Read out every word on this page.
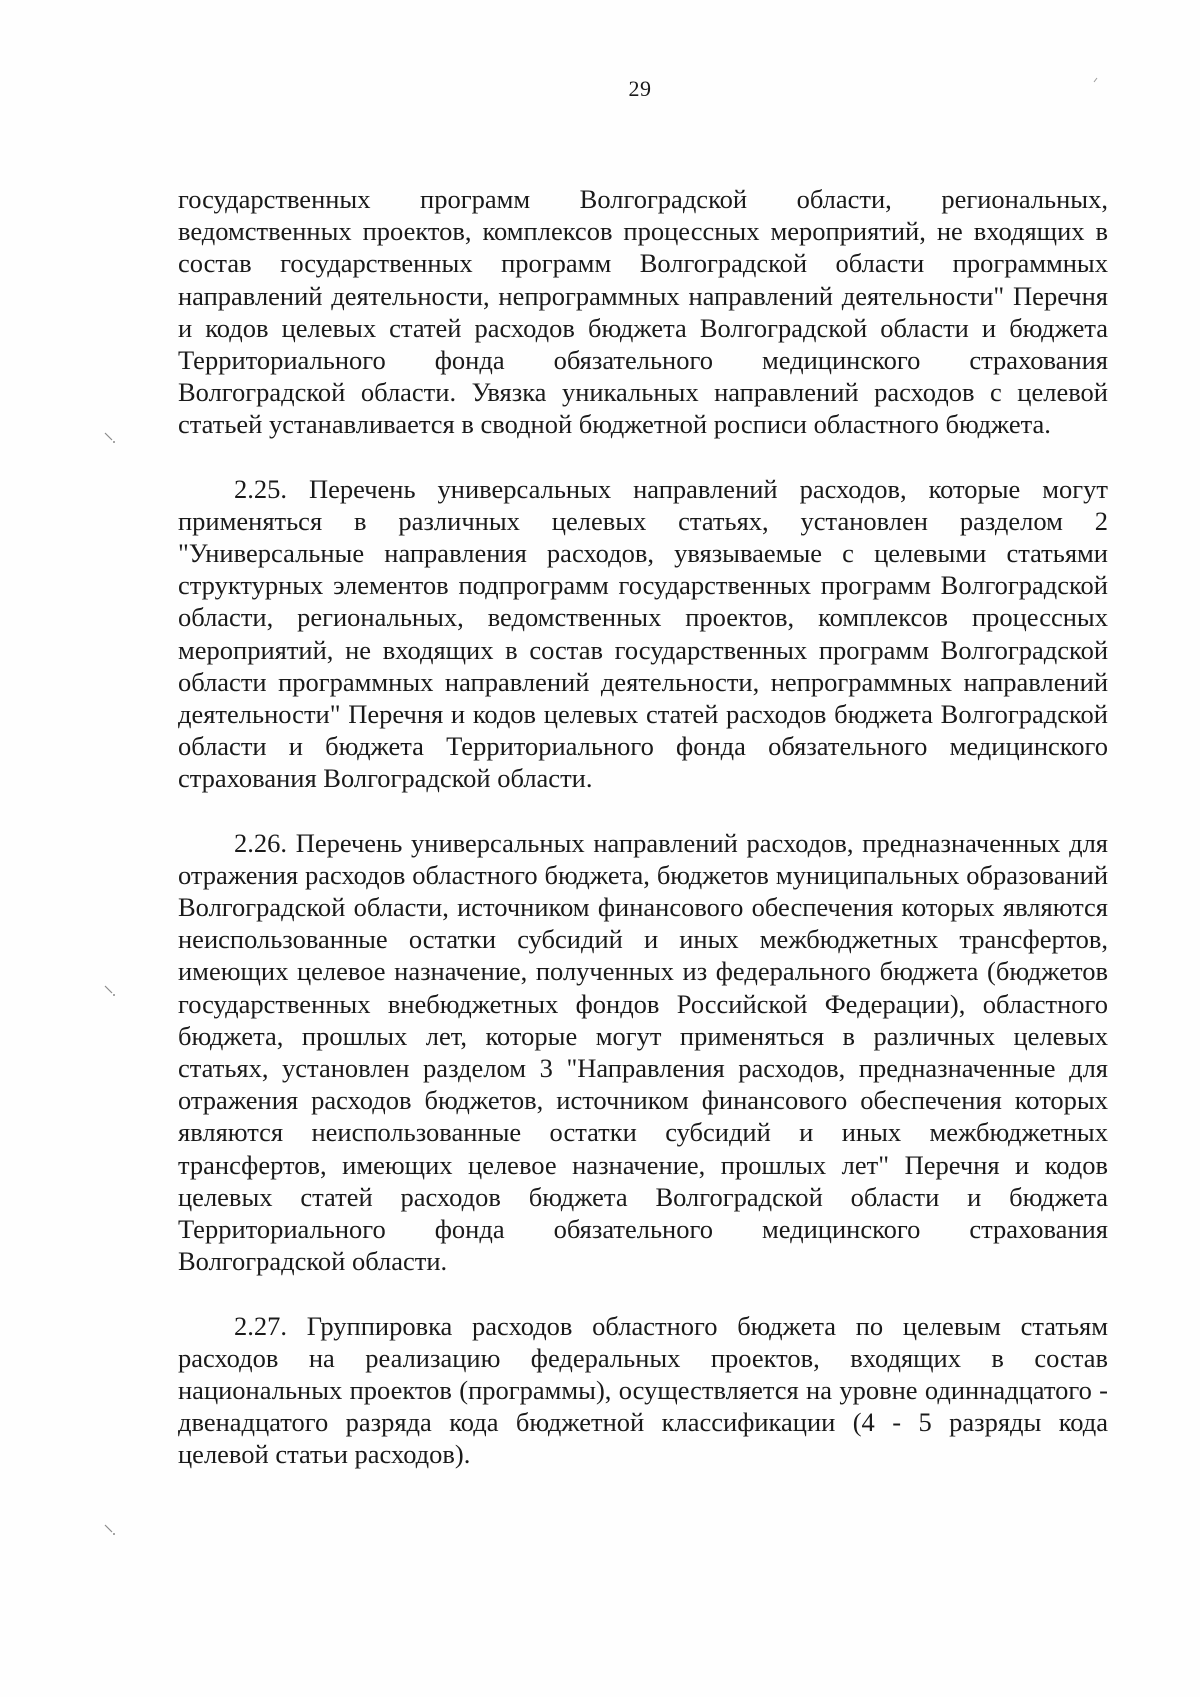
29

государственных программ Волгоградской области, региональных, ведомственных проектов, комплексов процессных мероприятий, не входящих в состав государственных программ Волгоградской области программных направлений деятельности, непрограммных направлений деятельности" Перечня и кодов целевых статей расходов бюджета Волгоградской области и бюджета Территориального фонда обязательного медицинского страхования Волгоградской области. Увязка уникальных направлений расходов с целевой статьей устанавливается в сводной бюджетной росписи областного бюджета.

2.25. Перечень универсальных направлений расходов, которые могут применяться в различных целевых статьях, установлен разделом 2 "Универсальные направления расходов, увязываемые с целевыми статьями структурных элементов подпрограмм государственных программ Волгоградской области, региональных, ведомственных проектов, комплексов процессных мероприятий, не входящих в состав государственных программ Волгоградской области программных направлений деятельности, непрограммных направлений деятельности" Перечня и кодов целевых статей расходов бюджета Волгоградской области и бюджета Территориального фонда обязательного медицинского страхования Волгоградской области.

2.26. Перечень универсальных направлений расходов, предназначенных для отражения расходов областного бюджета, бюджетов муниципальных образований Волгоградской области, источником финансового обеспечения которых являются неиспользованные остатки субсидий и иных межбюджетных трансфертов, имеющих целевое назначение, полученных из федерального бюджета (бюджетов государственных внебюджетных фондов Российской Федерации), областного бюджета, прошлых лет, которые могут применяться в различных целевых статьях, установлен разделом 3 "Направления расходов, предназначенные для отражения расходов бюджетов, источником финансового обеспечения которых являются неиспользованные остатки субсидий и иных межбюджетных трансфертов, имеющих целевое назначение, прошлых лет" Перечня и кодов целевых статей расходов бюджета Волгоградской области и бюджета Территориального фонда обязательного медицинского страхования Волгоградской области.

2.27. Группировка расходов областного бюджета по целевым статьям расходов на реализацию федеральных проектов, входящих в состав национальных проектов (программы), осуществляется на уровне одиннадцатого - двенадцатого разряда кода бюджетной классификации (4 - 5 разряды кода целевой статьи расходов).
